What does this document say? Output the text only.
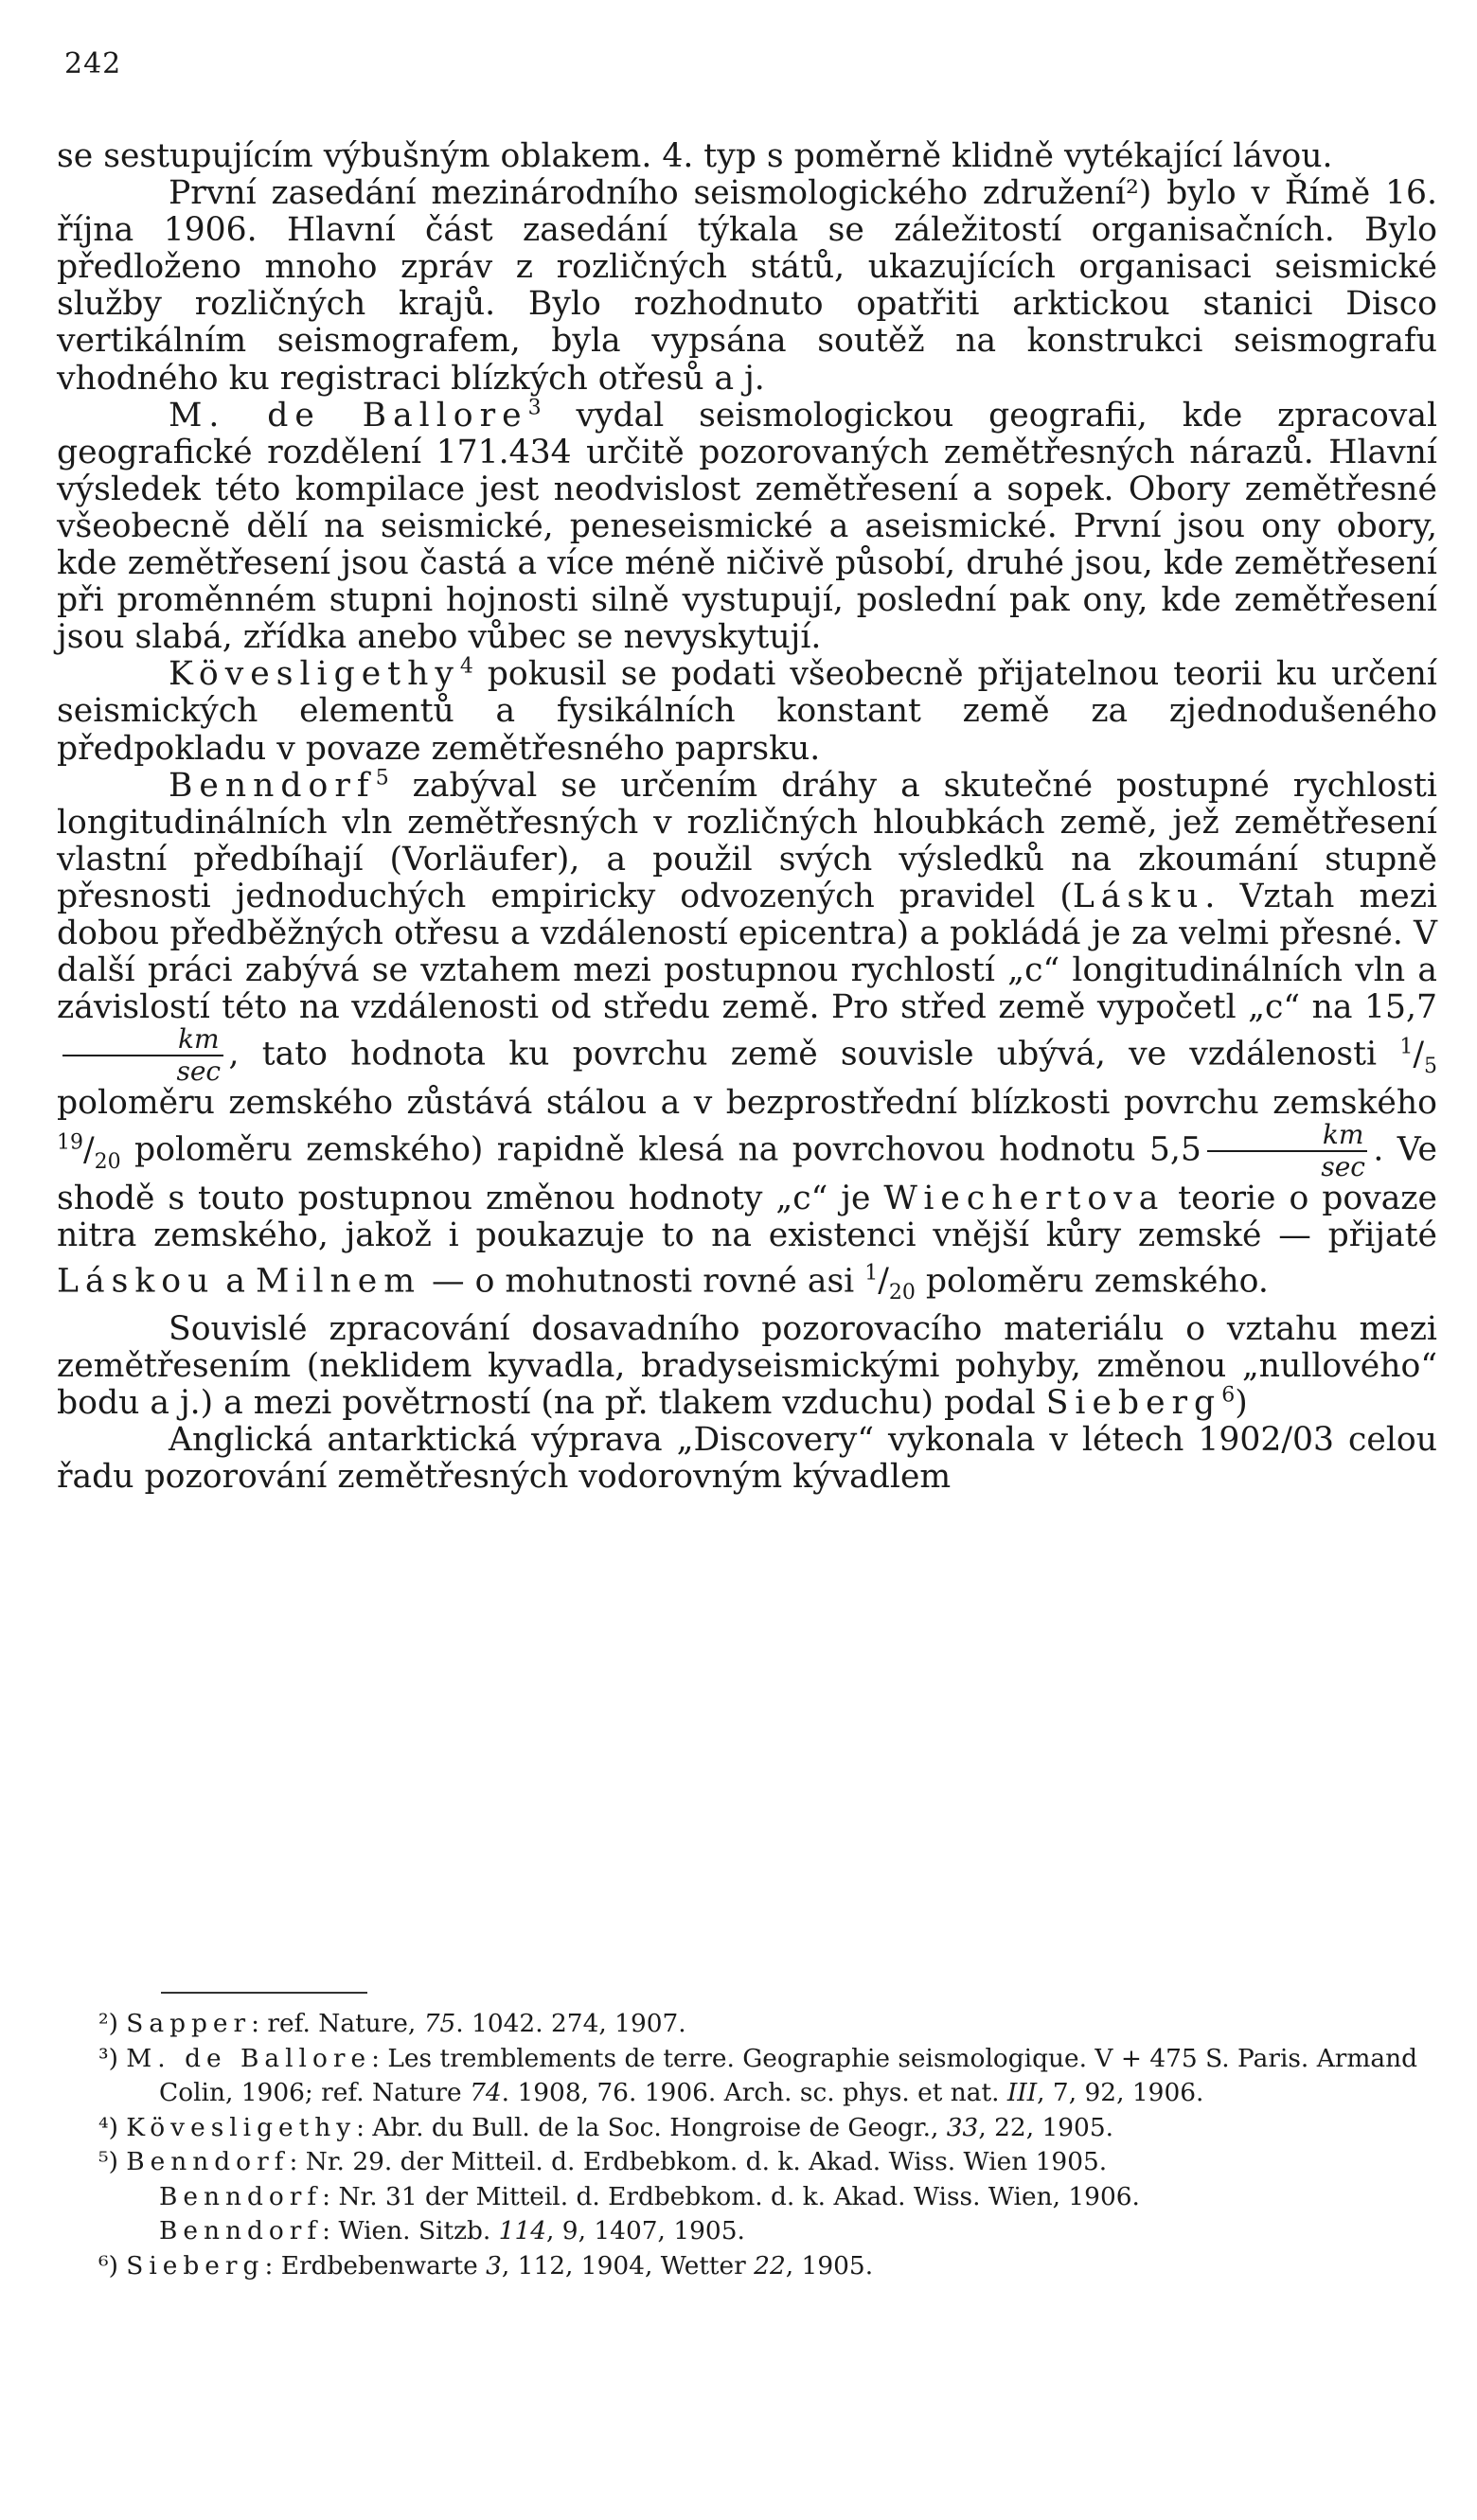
242

se sestupujícím výbušným oblakem. 4. typ s poměrně klidně vytékající lávou.

První zasedání mezinárodního seismologického združení²) bylo v Římě 16. října 1906. Hlavní část zasedání týkala se záležitostí organisačních. Bylo předloženo mnoho zpráv z rozličných států, ukazujících organisaci seismické služby rozličných krajů. Bylo rozhodnuto opatřiti arktickou stanici Disco vertikálním seismografem, byla vypsána soutěž na konstrukci seismografu vhodného ku registraci blízkých otřesů a j.

M. de Ballore$^3$ vydal seismologickou geografii, kde zpracoval geografické rozdělení 171.434 určitě pozorovaných zemětřesných nárazů. Hlavní výsledek této kompilace jest neodvislost zemětřesení a sopek. Obory zemětřesné všeobecně dělí na seismické, peneseismické a aseismické. První jsou ony obory, kde zemětřesení jsou častá a více méně ničivě působí, druhé jsou, kde zemětřesení při proměnném stupni hojnosti silně vystupují, poslední pak ony, kde zemětřesení jsou slabá, zřídka anebo vůbec se nevyskytují.

Kövesligethy$^4$ pokusil se podati všeobecně přijatelnou teorii ku určení seismických elementů a fysikálních konstant země za zjednodušeného předpokladu v povaze zemětřesného paprsku.

Benndorf$^5$ zabýval se určením dráhy a skutečné postupné rychlosti longitudinálních vln zemětřesných v rozličných hloubkách země, jež zemětřesení vlastní předbíhají (Vorläufer), a použil svých výsledků na zkoumání stupně přesnosti jednoduchých empiricky odvozených pravidel (Lásku. Vztah mezi dobou předběžných otřesu a vzdáleností epicentra) a pokládá je za velmi přesné. V další práci zabývá se vztahem mezi postupnou rychlostí „c“ longitudinálních vln a závislostí této na vzdálenosti od středu země. Pro střed země vypočetl „c“ na 15,7
$\frac{km}{\sec}$ , tato hodnota ku povrchu země souvisle ubývá, ve vzdálenosti $^1/_5$ poloměru zemského zůstává stálou a v bezprostřední blízkosti povrchu zemského $^{19}/_{20}$ poloměru zemského) rapidně klesá na povrchovou hodnotu $5,5 \frac{km}{\sec}$ . Ve shodě s touto postupnou změnou hodnoty „c“ je Wiechertova teorie o povaze nitra zemského, jakož i poukazuje to na existenci vnější kůry zemské — přijaté Láskou a Milnem — o mohutnosti rovné asi $^1/_{20}$ poloměru zemského.

Souvislé zpracování dosavadního pozorovacího materiálu o vztahu mezi zemětřesením (neklidem kyvadla, bradyseismickými pohyby, změnou „nullového“ bodu a j.) a mezi povětrností (na př. tlakem vzduchu) podal Sieberg$^6$)

Anglická antarktická výprava „Discovery“ vykonala v létech 1902/03 celou řadu pozorování zemětřesných vodorovným kývadlem

²) Sapper: ref. Nature, 75. 1042. 274, 1907.

³) M. de Ballore: Les tremblements de terre. Geographie seismologique. V + 475 S. Paris. Armand Colin, 1906; ref. Nature 74. 1908, 76. 1906. Arch. sc. phys. et nat. III, 7, 92, 1906.

⁴) Kövesligethy: Abr. du Bull. de la Soc. Hongroise de Geogr., 33, 22, 1905.

⁵) Benndorf: Nr. 29. der Mitteil. d. Erdbebkom. d. k. Akad. Wiss. Wien 1905.

Benndorf: Nr. 31 der Mitteil. d. Erdbebkom. d. k. Akad. Wiss. Wien, 1906.

Benndorf: Wien. Sitzb. 114, 9, 1407, 1905.

⁶) Sieberg: Erdbebenwarte 3, 112, 1904, Wetter 22, 1905.
